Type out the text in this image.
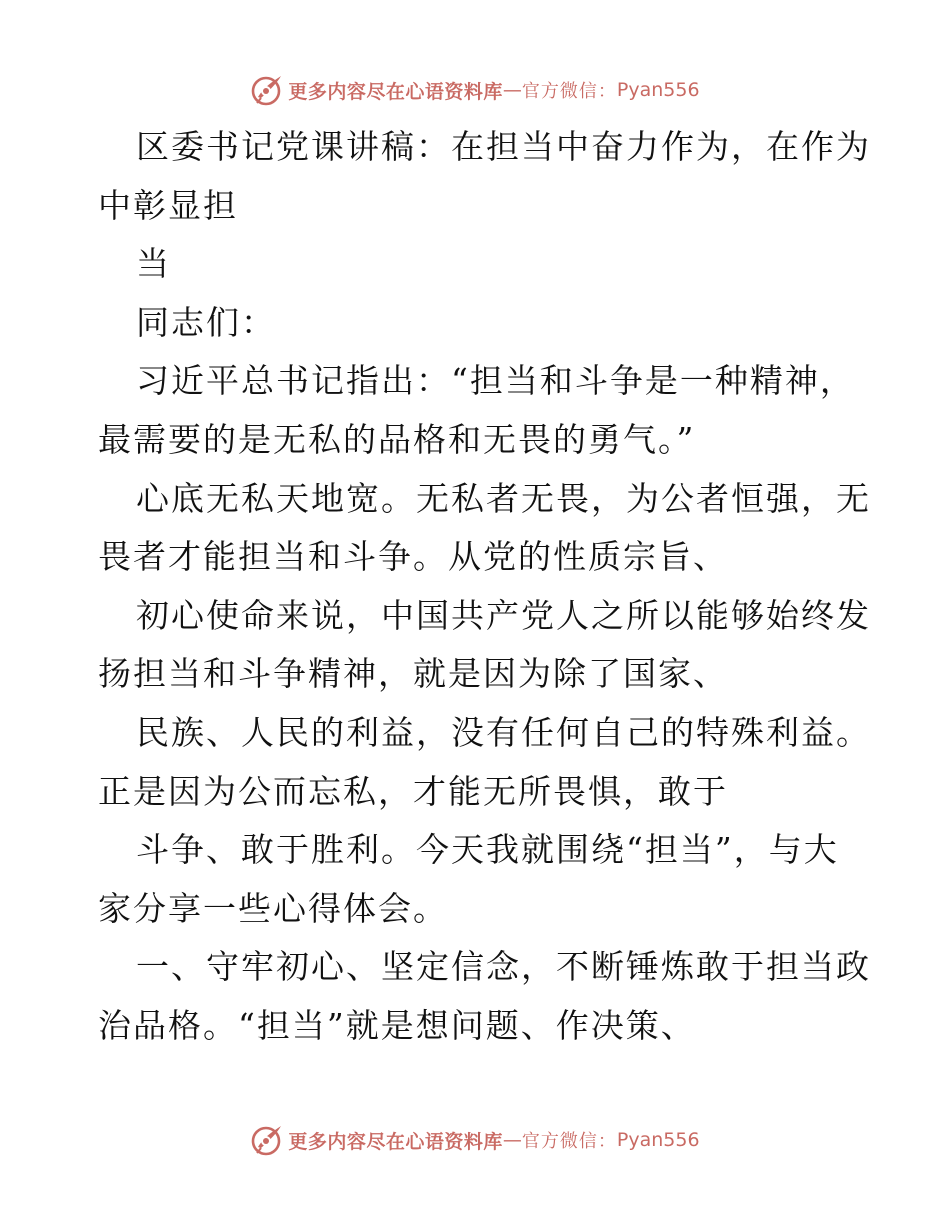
更多内容尽在心语资料库 — 官方微信： Pyan556
区委书记党课讲稿：在担当中奋力作为，在作为
中彰显担
当
同志们：
习近平总书记指出：“担当和斗争是一种精神，
最需要的是无私的品格和无畏的勇气。”
心底无私天地宽。无私者无畏，为公者恒强，无
畏者才能担当和斗争。从党的性质宗旨、
初心使命来说，中国共产党人之所以能够始终发
扬担当和斗争精神，就是因为除了国家、
民族、人民的利益，没有任何自己的特殊利益。
正是因为公而忘私，才能无所畏惧，敢于
斗争、敢于胜利。今天我就围绕“担当”，与大
家分享一些心得体会。
一、守牢初心、坚定信念，不断锤炼敢于担当政
治品格。“担当”就是想问题、作决策、
更多内容尽在心语资料库 — 官方微信： Pyan556
